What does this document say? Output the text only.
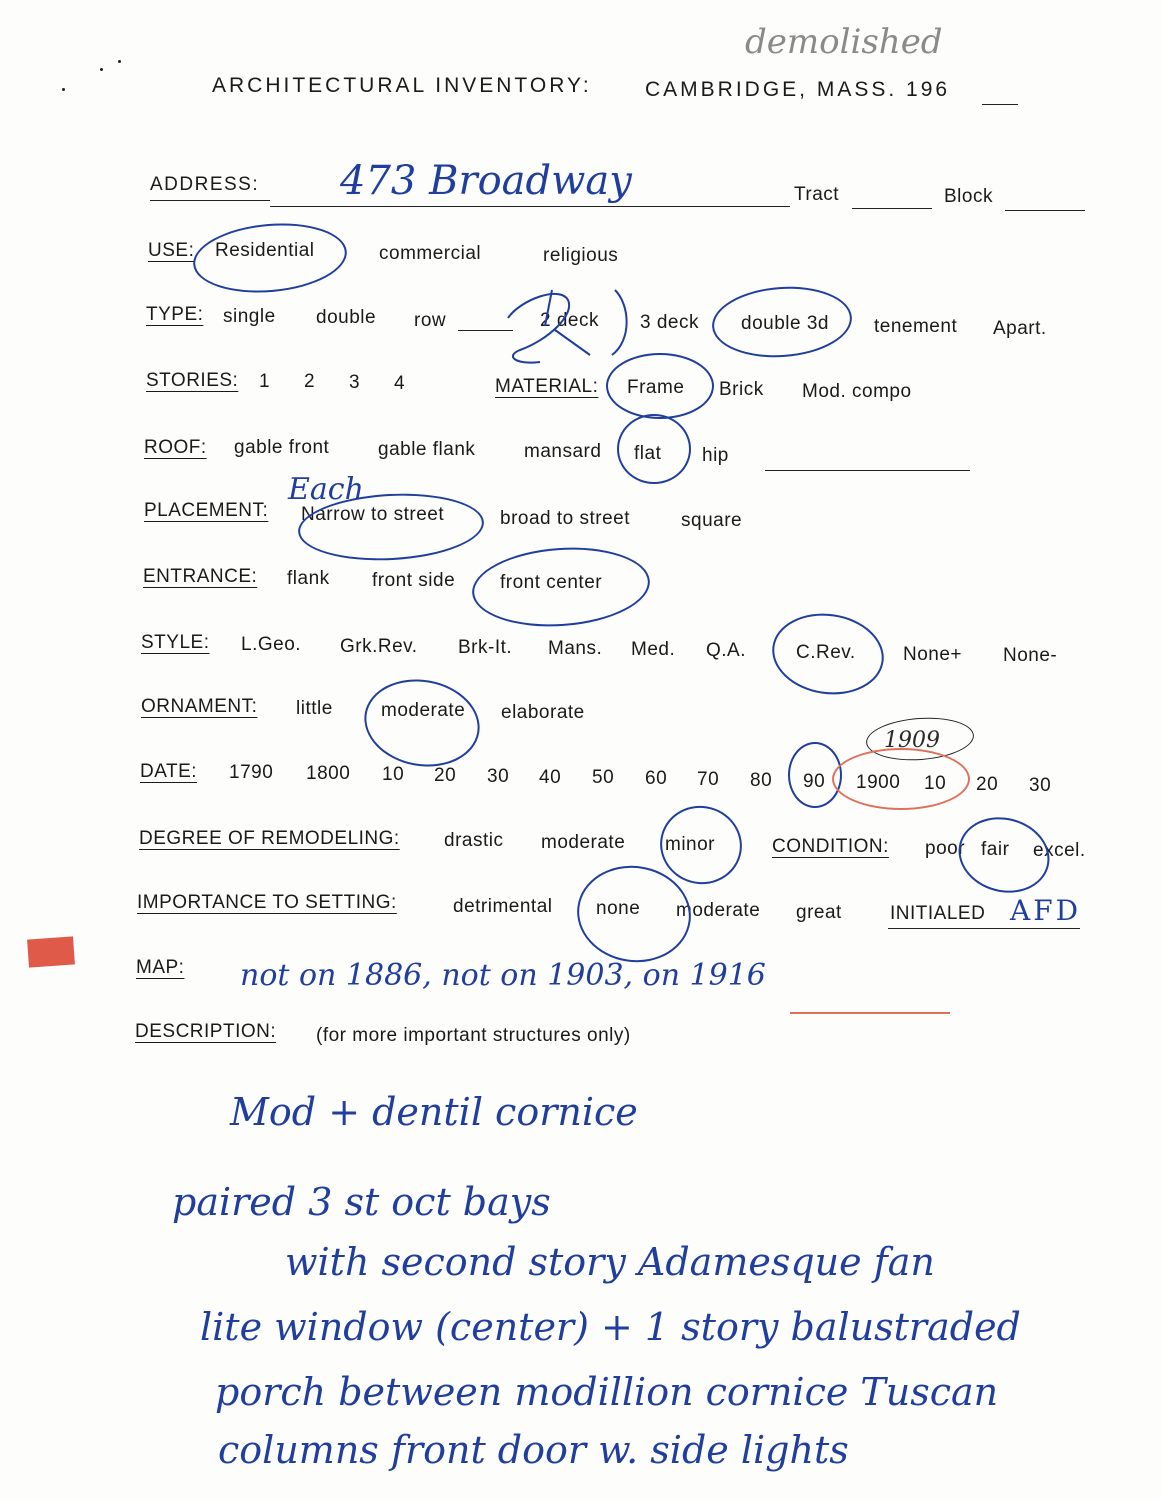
demolished
ARCHITECTURAL INVENTORY:	CAMBRIDGE, MASS. 196
ADDRESS: 473 Broadway	Tract	Block
USE: Residential	commercial	religious
TYPE: single double row	2 deck 3 deck double 3d tenement Apart.
STORIES: 1 2 3 4	MATERIAL: Frame Brick Mod. compo
ROOF: gable front	gable flank	mansard flat hip
PLACEMENT:
Each
Narrow to street	broad to street	square
ENTRANCE: flank front side front center
STYLE: L.Geo. Grk.Rev. Brk-It. Mans. Med. Q.A.	C.Rev. None+ None-
ORNAMENT: little	moderate elaborate
DATE: 1790 1800 10 20 30 40 50 60 70 80 90 1900 10 20 30
1909
DEGREE OF REMODELING: drastic moderate minor	CONDITION: poor fair excel.
IMPORTANCE TO SETTING:	detrimental none moderate great	INITIALED AFD
MAP: not on 1886, not on 1903, on 1916
DESCRIPTION: (for more important structures only)
Mod + dentil cornice
paired 3 st oct bays
with second story Adamesque fan
lite window (center) + 1 story balustraded
porch between modillion cornice Tuscan
columns front door w. side lights
